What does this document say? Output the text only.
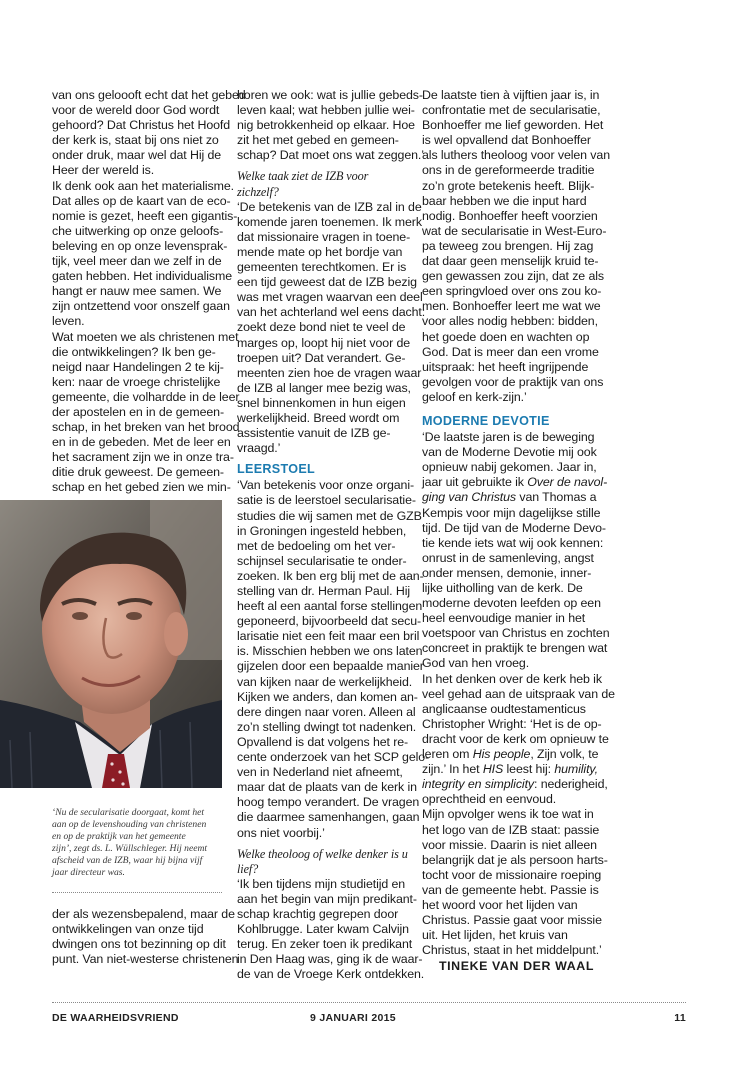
van ons geloooft echt dat het gebed
voor de wereld door God wordt
gehoord? Dat Christus het Hoofd
der kerk is, staat bij ons niet zo
onder druk, maar wel dat Hij de
Heer der wereld is.
Ik denk ook aan het materialisme.
Dat alles op de kaart van de eco-
nomie is gezet, heeft een gigantis-
che uitwerking op onze geloofs-
beleving en op onze levensprak-
tijk, veel meer dan we zelf in de
gaten hebben. Het individualisme
hangt er nauw mee samen. We
zijn ontzettend voor onszelf gaan
leven.
Wat moeten we als christenen met
die ontwikkelingen? Ik ben ge-
neigd naar Handelingen 2 te kij-
ken: naar de vroege christelijke
gemeente, die volhardde in de leer
der apostelen en in de gemeen-
schap, in het breken van het brood
en in de gebeden. Met de leer en
het sacrament zijn we in onze tra-
ditie druk geweest. De gemeen-
schap en het gebed zien we min-
‘Nu de secularisatie doorgaat, komt het
aan op de levenshouding van christenen
en op de praktijk van het gemeente
zijn’, zegt ds. L. Wüllschleger. Hij neemt
afscheid van de IZB, waar hij bijna vijf
jaar directeur was.
der als wezensbepalend, maar de
ontwikkelingen van onze tijd
dwingen ons tot bezinning op dit
punt. Van niet-westerse christenen
horen we ook: wat is jullie gebeds-
leven kaal; wat hebben jullie wei-
nig betrokkenheid op elkaar. Hoe
zit het met gebed en gemeen-
schap? Dat moet ons wat zeggen.’
Welke taak ziet de IZB voor zichzelf?
‘De betekenis van de IZB zal in de
komende jaren toenemen. Ik merk
dat missionaire vragen in toene-
mende mate op het bordje van
gemeenten terechtkomen. Er is
een tijd geweest dat de IZB bezig
was met vragen waarvan een deel
van het achterland wel eens dacht:
zoekt deze bond niet te veel de
marges op, loopt hij niet voor de
troepen uit? Dat verandert. Ge-
meenten zien hoe de vragen waar
de IZB al langer mee bezig was,
snel binnenkomen in hun eigen
werkelijkheid. Breed wordt om
assistentie vanuit de IZB ge-
vraagd.’
LEERSTOEL
‘Van betekenis voor onze organi-
satie is de leerstoel secularisatie-
studies die wij samen met de GZB
in Groningen ingesteld hebben,
met de bedoeling om het ver-
schijnsel secularisatie te onder-
zoeken. Ik ben erg blij met de aan-
stelling van dr. Herman Paul. Hij
heeft al een aantal forse stellingen
geponeerd, bijvoorbeeld dat secu-
larisatie niet een feit maar een bril
is. Misschien hebben we ons laten
gijzelen door een bepaalde manier
van kijken naar de werkelijkheid.
Kijken we anders, dan komen an-
dere dingen naar voren. Alleen al
zo’n stelling dwingt tot nadenken.
Opvallend is dat volgens het re-
cente onderzoek van het SCP gelo-
ven in Nederland niet afneemt,
maar dat de plaats van de kerk in
hoog tempo verandert. De vragen
die daarmee samenhangen, gaan
ons niet voorbij.’
Welke theoloog of welke denker is u lief?
‘Ik ben tijdens mijn studietijd en
aan het begin van mijn predikant-
schap krachtig gegrepen door
Kohlbrugge. Later kwam Calvijn
terug. En zeker toen ik predikant
in Den Haag was, ging ik de waar-
de van de Vroege Kerk ontdekken.
De laatste tien à vijftien jaar is, in
confrontatie met de secularisatie,
Bonhoeffer me lief geworden. Het
is wel opvallend dat Bonhoeffer
als luthers theoloog voor velen van
ons in de gereformeerde traditie
zo’n grote betekenis heeft. Blijk-
baar hebben we die input hard
nodig. Bonhoeffer heeft voorzien
wat de secularisatie in West-Euro-
pa teweeg zou brengen. Hij zag
dat daar geen menselijk kruid te-
gen gewassen zou zijn, dat ze als
een springvloed over ons zou ko-
men. Bonhoeffer leert me wat we
voor alles nodig hebben: bidden,
het goede doen en wachten op
God. Dat is meer dan een vrome
uitspraak: het heeft ingrijpende
gevolgen voor de praktijk van ons
geloof en kerk-zijn.’
MODERNE DEVOTIE
‘De laatste jaren is de beweging
van de Moderne Devotie mij ook
opnieuw nabij gekomen. Jaar in,
jaar uit gebruikte ik Over de navol-
ging van Christus van Thomas a
Kempis voor mijn dagelijkse stille
tijd. De tijd van de Moderne Devo-
tie kende iets wat wij ook kennen:
onrust in de samenleving, angst
onder mensen, demonie, inner-
lijke uitholling van de kerk. De
moderne devoten leefden op een
heel eenvoudige manier in het
voetspoor van Christus en zochten
concreet in praktijk te brengen wat
God van hen vroeg.
In het denken over de kerk heb ik
veel gehad aan de uitspraak van de
anglicaanse oudtestamenticus
Christopher Wright: ‘Het is de op-
dracht voor de kerk om opnieuw te
leren om His people, Zijn volk, te
zijn.’ In het HIS leest hij: humility,
integrity en simplicity: nederigheid,
oprechtheid en eenvoud.
Mijn opvolger wens ik toe wat in
het logo van de IZB staat: passie
voor missie. Daarin is niet alleen
belangrijk dat je als persoon harts-
tocht voor de missionaire roeping
van de gemeente hebt. Passie is
het woord voor het lijden van
Christus. Passie gaat voor missie
uit. Het lijden, het kruis van
Christus, staat in het middelpunt.’
TINEKE VAN DER WAAL
DE WAARHEIDSVRIEND	9 JANUARI 2015	11
